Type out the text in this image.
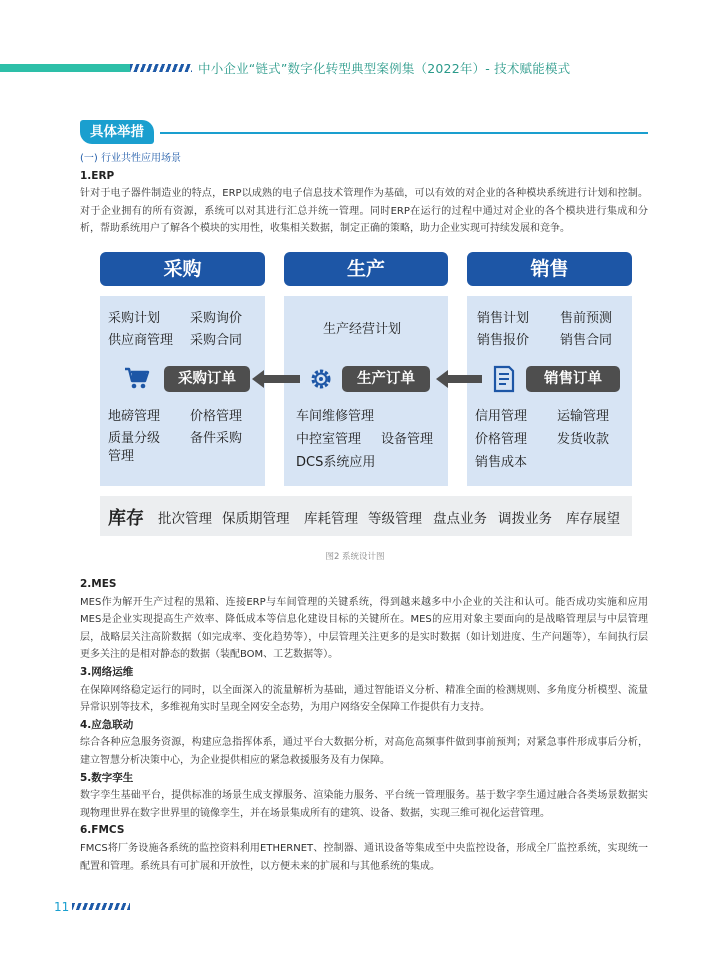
中小企业“链式”数字化转型典型案例集（2022年）- 技术赋能模式
具体举措

(一) 行业共性应用场景

1.ERP

针对于电子器件制造业的特点，ERP以成熟的电子信息技术管理作为基础，可以有效的对企业的各种模块系统进行计划和控制。对于企业拥有的所有资源，系统可以对其进行汇总并统一管理。同时ERP在运行的过程中通过对企业的各个模块进行集成和分析，帮助系统用户了解各个模块的实用性，收集相关数据，制定正确的策略，助力企业实现可持续发展和竞争。

采购	生产	销售
采购计划 采购询价
供应商管理 采购合同
生产经营计划
销售计划 售前预测
销售报价 销售合同
采购订单	生产订单	销售订单
地磅管理 价格管理
质量分级 备件采购
管理
车间维修管理
中控室管理 设备管理
DCS系统应用
信用管理 运输管理
价格管理 发货收款
销售成本
库存 批次管理 保质期管理 库耗管理 等级管理 盘点业务 调拨业务 库存展望
图2 系统设计图

2.MES

MES作为解开生产过程的黑箱、连接ERP与车间管理的关键系统，得到越来越多中小企业的关注和认可。能否成功实施和应用MES是企业实现提高生产效率、降低成本等信息化建设目标的关键所在。MES的应用对象主要面向的是战略管理层与中层管理层，战略层关注高阶数据（如完成率、变化趋势等），中层管理关注更多的是实时数据（如计划进度、生产问题等），车间执行层更多关注的是相对静态的数据（装配BOM、工艺数据等）。

3.网络运维

在保障网络稳定运行的同时，以全面深入的流量解析为基础，通过智能语义分析、精准全面的检测规则、多角度分析模型、流量异常识别等技术，多维视角实时呈现全网安全态势，为用户网络安全保障工作提供有力支持。

4.应急联动

综合各种应急服务资源，构建应急指挥体系，通过平台大数据分析，对高危高频事件做到事前预判；对紧急事件形成事后分析，建立智慧分析决策中心，为企业提供相应的紧急救援服务及有力保障。

5.数字孪生

数字孪生基础平台，提供标准的场景生成支撑服务、渲染能力服务、平台统一管理服务。基于数字孪生通过融合各类场景数据实现物理世界在数字世界里的镜像孪生，并在场景集成所有的建筑、设备、数据，实现三维可视化运营管理。

6.FMCS

FMCS将厂务设施各系统的监控资料利用ETHERNET、控制器、通讯设备等集成至中央监控设备，形成全厂监控系统，实现统一配置和管理。系统具有可扩展和开放性，以方便未来的扩展和与其他系统的集成。

11
